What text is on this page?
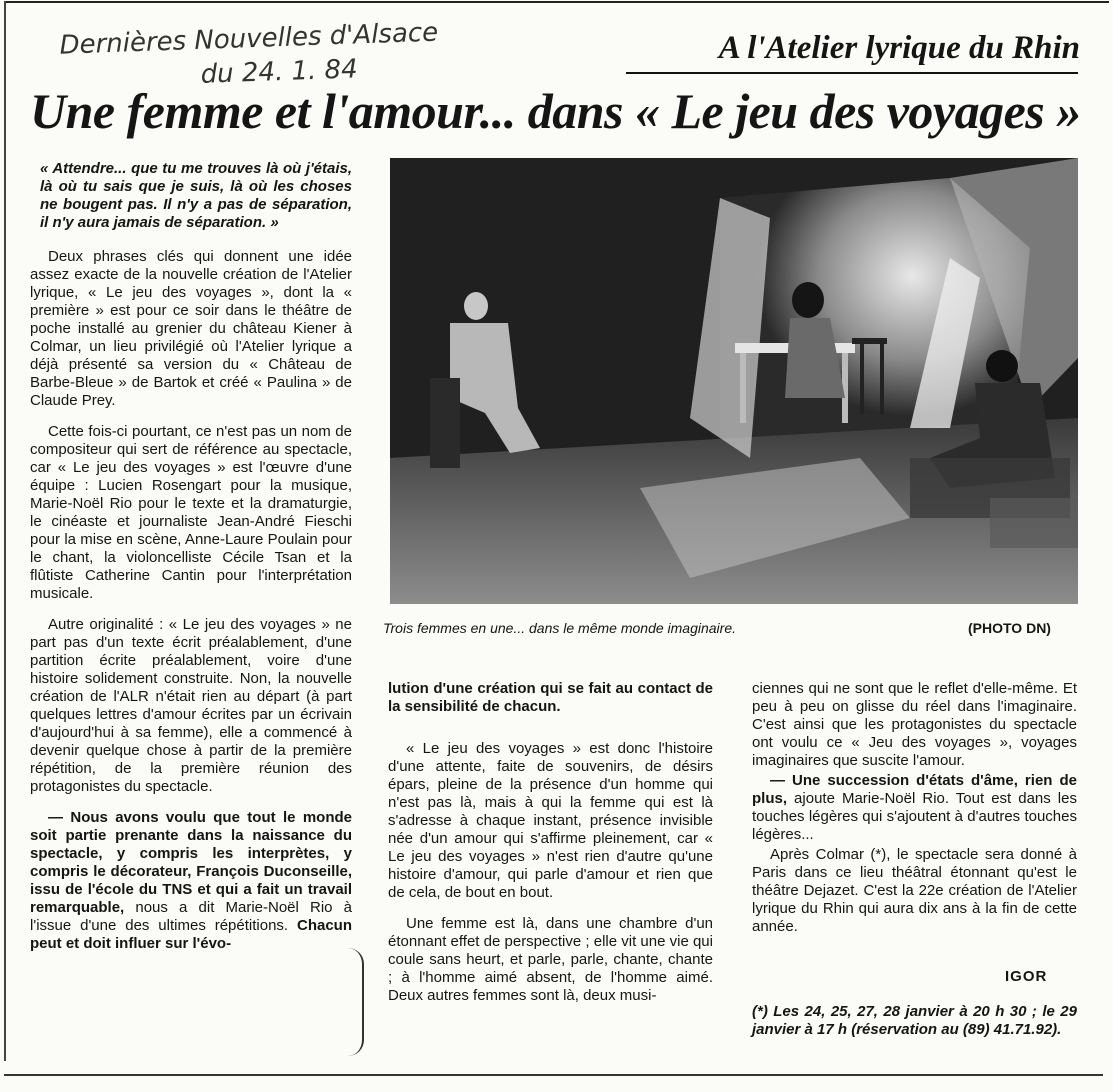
Dernières Nouvelles d'Alsace
du 24. 1. 84
A l'Atelier lyrique du Rhin
Une femme et l'amour... dans « Le jeu des voyages »

« Attendre... que tu me trouves là où j'étais, là où tu sais que je suis, là où les choses ne bougent pas. Il n'y a pas de séparation, il n'y aura jamais de séparation. »

Deux phrases clés qui donnent une idée assez exacte de la nouvelle création de l'Atelier lyrique, « Le jeu des voyages », dont la « première » est pour ce soir dans le théâtre de poche installé au grenier du château Kiener à Colmar, un lieu privilégié où l'Atelier lyrique a déjà présenté sa version du « Château de Barbe-Bleue » de Bartok et créé « Paulina » de Claude Prey.

Cette fois-ci pourtant, ce n'est pas un nom de compositeur qui sert de référence au spectacle, car « Le jeu des voyages » est l'œuvre d'une équipe : Lucien Rosengart pour la musique, Marie-Noël Rio pour le texte et la dramaturgie, le cinéaste et journaliste Jean-André Fieschi pour la mise en scène, Anne-Laure Poulain pour le chant, la violoncelliste Cécile Tsan et la flûtiste Catherine Cantin pour l'interprétation musicale.

Autre originalité : « Le jeu des voyages » ne part pas d'un texte écrit préalablement, d'une partition écrite préalablement, voire d'une histoire solidement construite. Non, la nouvelle création de l'ALR n'était rien au départ (à part quelques lettres d'amour écrites par un écrivain d'aujourd'hui à sa femme), elle a commencé à devenir quelque chose à partir de la première répétition, de la première réunion des protagonistes du spectacle.

— Nous avons voulu que tout le monde soit partie prenante dans la naissance du spectacle, y compris les interprètes, y compris le décorateur, François Duconseille, issu de l'école du TNS et qui a fait un travail remarquable, nous a dit Marie-Noël Rio à l'issue d'une des ultimes répétitions. Chacun peut et doit influer sur l'évo-

Trois femmes en une... dans le même monde imaginaire.	(PHOTO DN)

lution d'une création qui se fait au contact de la sensibilité de chacun.

« Le jeu des voyages » est donc l'histoire d'une attente, faite de souvenirs, de désirs épars, pleine de la présence d'un homme qui n'est pas là, mais à qui la femme qui est là s'adresse à chaque instant, présence invisible née d'un amour qui s'affirme pleinement, car « Le jeu des voyages » n'est rien d'autre qu'une histoire d'amour, qui parle d'amour et rien que de cela, de bout en bout.

Une femme est là, dans une chambre d'un étonnant effet de perspective ; elle vit une vie qui coule sans heurt, et parle, parle, chante, chante ; à l'homme aimé absent, de l'homme aimé. Deux autres femmes sont là, deux musi-

ciennes qui ne sont que le reflet d'elle-même. Et peu à peu on glisse du réel dans l'imaginaire. C'est ainsi que les protagonistes du spectacle ont voulu ce « Jeu des voyages », voyages imaginaires que suscite l'amour.

— Une succession d'états d'âme, rien de plus, ajoute Marie-Noël Rio. Tout est dans les touches légères qui s'ajoutent à d'autres touches légères...

Après Colmar (*), le spectacle sera donné à Paris dans ce lieu théâtral étonnant qu'est le théâtre Dejazet. C'est la 22e création de l'Atelier lyrique du Rhin qui aura dix ans à la fin de cette année.

IGOR
(*) Les 24, 25, 27, 28 janvier à 20 h 30 ; le 29 janvier à 17 h (réservation au (89) 41.71.92).
